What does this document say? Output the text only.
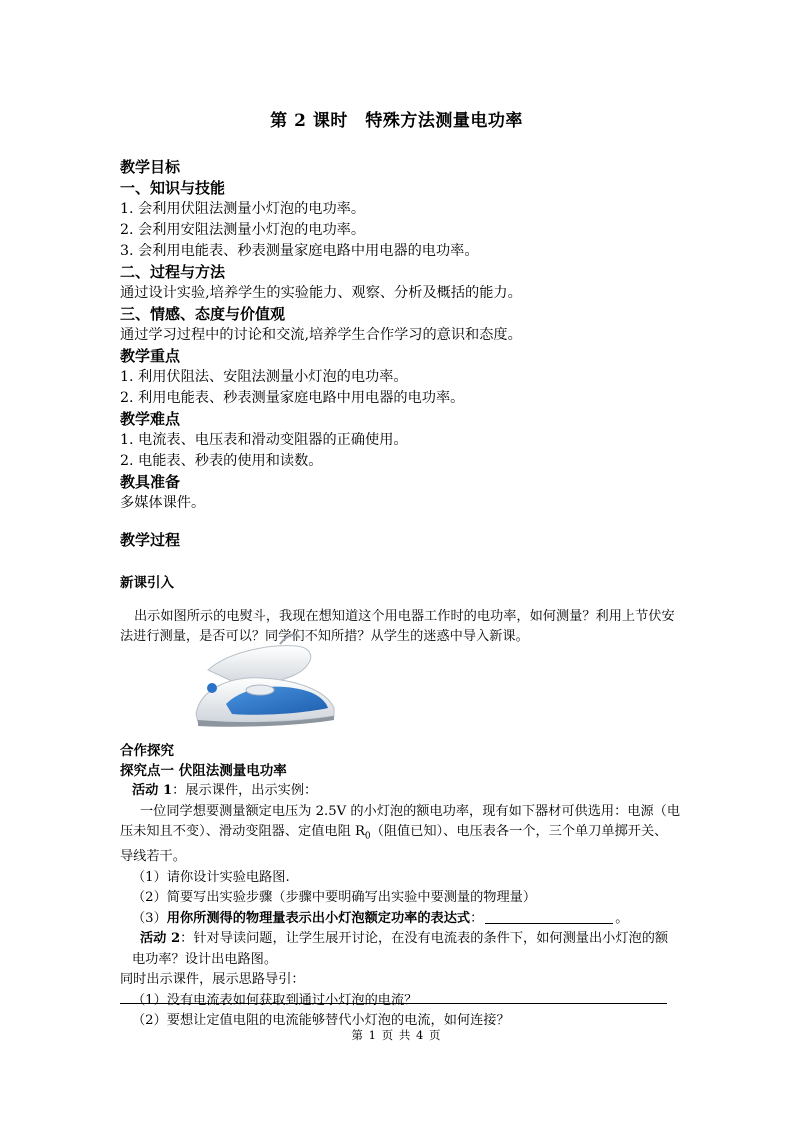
第 2 课时　特殊方法测量电功率

教学目标

一、知识与技能

1. 会利用伏阻法测量小灯泡的电功率。

2. 会利用安阻法测量小灯泡的电功率。

3. 会利用电能表、秒表测量家庭电路中用电器的电功率。

二、过程与方法

通过设计实验,培养学生的实验能力、观察、分析及概括的能力。

三、情感、态度与价值观

通过学习过程中的讨论和交流,培养学生合作学习的意识和态度。

教学重点

1. 利用伏阻法、安阻法测量小灯泡的电功率。

2. 利用电能表、秒表测量家庭电路中用电器的电功率。

教学难点

1. 电流表、电压表和滑动变阻器的正确使用。

2. 电能表、秒表的使用和读数。

教具准备

多媒体课件。

教学过程

新课引入

出示如图所示的电熨斗，我现在想知道这个用电器工作时的电功率，如何测量？利用上节伏安法进行测量，是否可以？同学们不知所措？从学生的迷惑中导入新课。

合作探究

探究点一 伏阻法测量电功率

活动 1：展示课件，出示实例：

一位同学想要测量额定电压为 2.5V 的小灯泡的额电功率，现有如下器材可供选用：电源（电压未知且不变）、滑动变阻器、定值电阻 $R_0$（阻值已知）、电压表各一个，三个单刀单掷开关、导线若干。

（1）请你设计实验电路图.

（2）简要写出实验步骤（步骤中要明确写出实验中要测量的物理量）

（3）用你所测得的物理量表示出小灯泡额定功率的表达式：	。

活动 2：针对导读问题，让学生展开讨论，在没有电流表的条件下，如何测量出小灯泡的额电功率？设计出电路图。

同时出示课件，展示思路导引：

（1）没有电流表如何获取到通过小灯泡的电流？

（2）要想让定值电阻的电流能够替代小灯泡的电流，如何连接？

第 1 页 共 4 页
